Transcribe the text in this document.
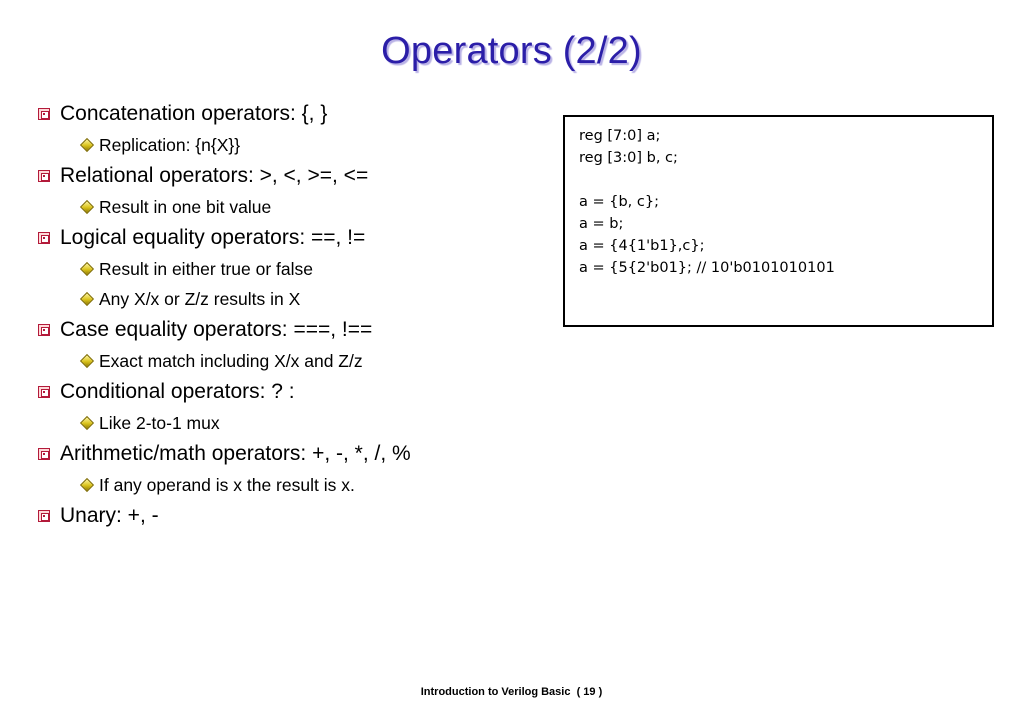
Operators (2/2)
Concatenation operators: {, }
Replication: {n{X}}
Relational operators: >, <, >=, <=
Result in one bit value
Logical equality operators: ==, !=
Result in either true or false
Any X/x or Z/z results in X
Case equality operators: ===, !==
Exact match including X/x and Z/z
Conditional operators: ? :
Like 2-to-1 mux
Arithmetic/math operators: +, -, *, /, %
If any operand is x the result is x.
Unary: +, -
reg [7:0] a;
reg [3:0] b, c;
a = {b, c};
a = b;
a = {4{1'b1},c};
a = {5{2'b01}; // 10'b0101010101
Introduction to Verilog Basic  ( 19 )
